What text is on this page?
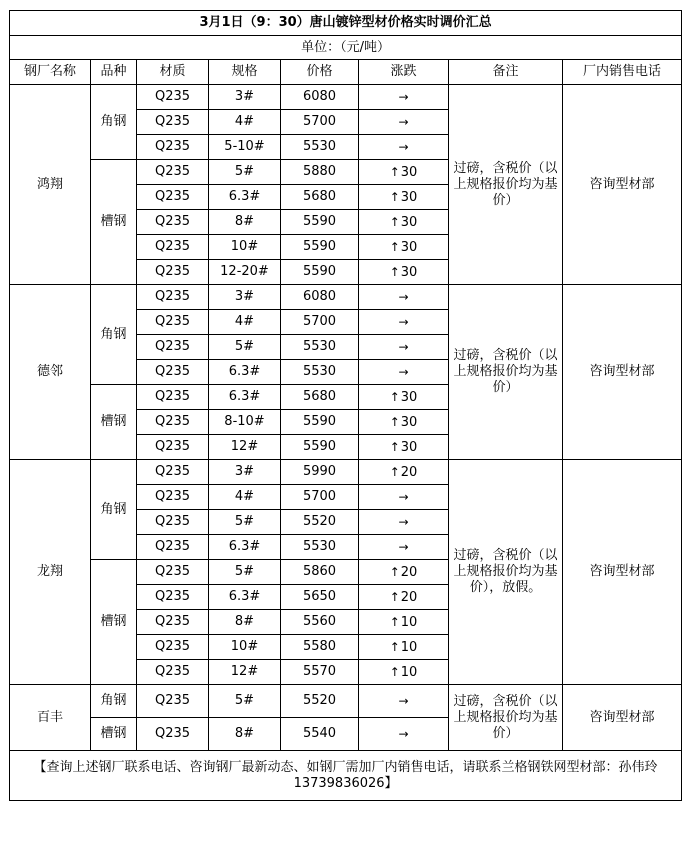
3月1日（9：30）唐山镀锌型材价格实时调价汇总							
单位：（元/吨）							
钢厂名称	品种	材质	规格	价格	涨跌	备注	厂内销售电话
鸿翔	角钢	Q235	3#	6080	→	过磅，含税价（以上规格报价均为基价）	咨询型材部
		Q235	4#	5700	→		
		Q235	5-10#	5530	→		
	槽钢	Q235	5#	5880	↑30		
		Q235	6.3#	5680	↑30		
		Q235	8#	5590	↑30		
		Q235	10#	5590	↑30		
		Q235	12-20#	5590	↑30		
德邻	角钢	Q235	3#	6080	→	过磅，含税价（以上规格报价均为基价）	咨询型材部
		Q235	4#	5700	→		
		Q235	5#	5530	→		
		Q235	6.3#	5530	→		
	槽钢	Q235	6.3#	5680	↑30		
		Q235	8-10#	5590	↑30		
		Q235	12#	5590	↑30		
龙翔	角钢	Q235	3#	5990	↑20	过磅，含税价（以上规格报价均为基价），放假。	咨询型材部
		Q235	4#	5700	→		
		Q235	5#	5520	→		
		Q235	6.3#	5530	→		
	槽钢	Q235	5#	5860	↑20		
		Q235	6.3#	5650	↑20		
		Q235	8#	5560	↑10		
		Q235	10#	5580	↑10		
		Q235	12#	5570	↑10		
百丰	角钢	Q235	5#	5520	→	过磅，含税价（以上规格报价均为基价）	咨询型材部
	槽钢	Q235	8#	5540	→		
【查询上述钢厂联系电话、咨询钢厂最新动态、如钢厂需加厂内销售电话，请联系兰格钢铁网型材部：孙伟玲13739836026】							
